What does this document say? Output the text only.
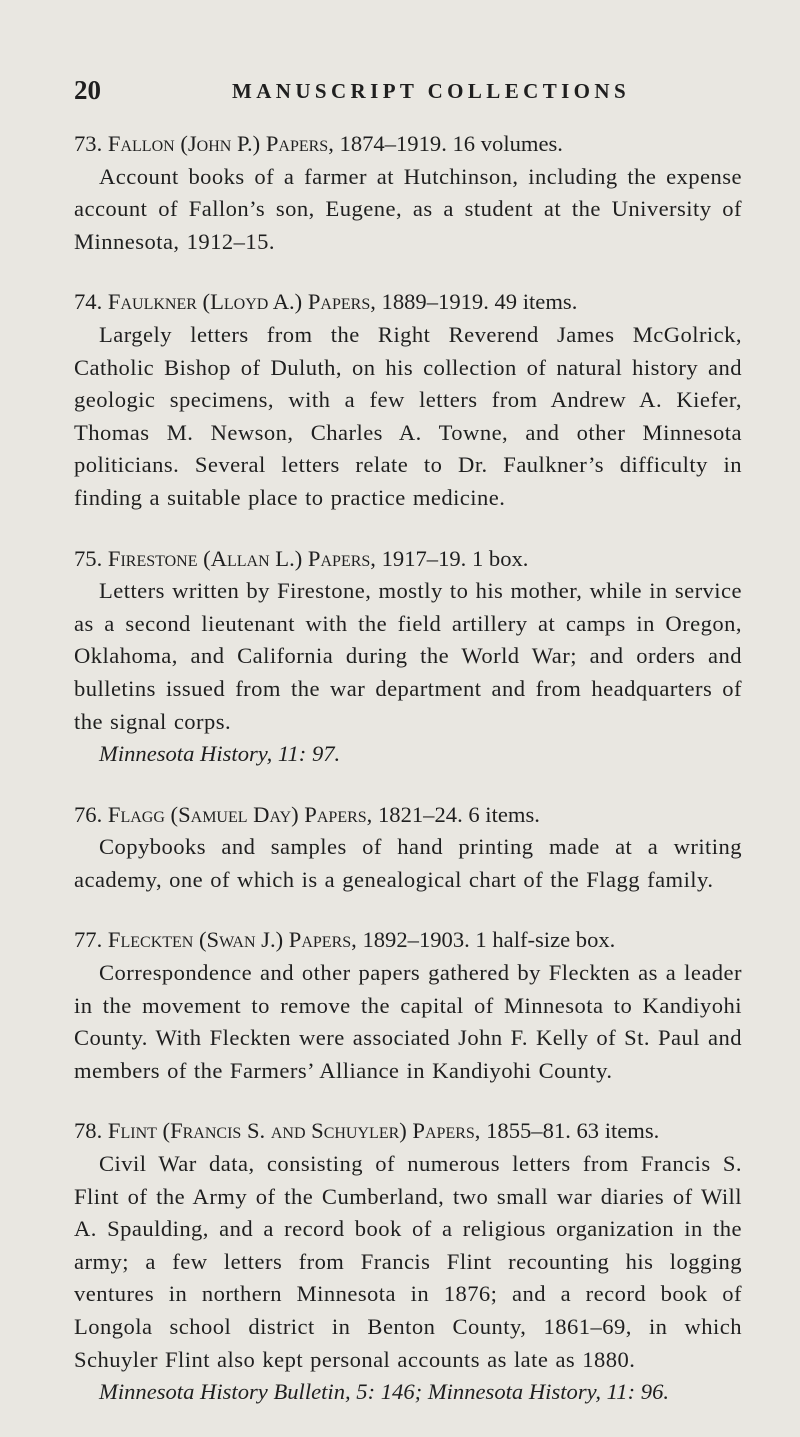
20	MANUSCRIPT COLLECTIONS
73. Fallon (John P.) Papers, 1874–1919. 16 volumes.
Account books of a farmer at Hutchinson, including the expense account of Fallon’s son, Eugene, as a student at the University of Minnesota, 1912–15.
74. Faulkner (Lloyd A.) Papers, 1889–1919. 49 items.
Largely letters from the Right Reverend James McGolrick, Catholic Bishop of Duluth, on his collection of natural history and geologic specimens, with a few letters from Andrew A. Kiefer, Thomas M. Newson, Charles A. Towne, and other Minnesota politicians. Several letters relate to Dr. Faulkner’s difficulty in finding a suitable place to practice medicine.
75. Firestone (Allan L.) Papers, 1917–19. 1 box.
Letters written by Firestone, mostly to his mother, while in service as a second lieutenant with the field artillery at camps in Oregon, Oklahoma, and California during the World War; and orders and bulletins issued from the war department and from headquarters of the signal corps.
Minnesota History, 11: 97.
76. Flagg (Samuel Day) Papers, 1821–24. 6 items.
Copybooks and samples of hand printing made at a writing academy, one of which is a genealogical chart of the Flagg family.
77. Fleckten (Swan J.) Papers, 1892–1903. 1 half-size box.
Correspondence and other papers gathered by Fleckten as a leader in the movement to remove the capital of Minnesota to Kandiyohi County. With Fleckten were associated John F. Kelly of St. Paul and members of the Farmers’ Alliance in Kandiyohi County.
78. Flint (Francis S. and Schuyler) Papers, 1855–81. 63 items.
Civil War data, consisting of numerous letters from Francis S. Flint of the Army of the Cumberland, two small war diaries of Will A. Spaulding, and a record book of a religious organization in the army; a few letters from Francis Flint recounting his logging ventures in northern Minnesota in 1876; and a record book of Longola school district in Benton County, 1861–69, in which Schuyler Flint also kept personal accounts as late as 1880.
Minnesota History Bulletin, 5: 146; Minnesota History, 11: 96.
